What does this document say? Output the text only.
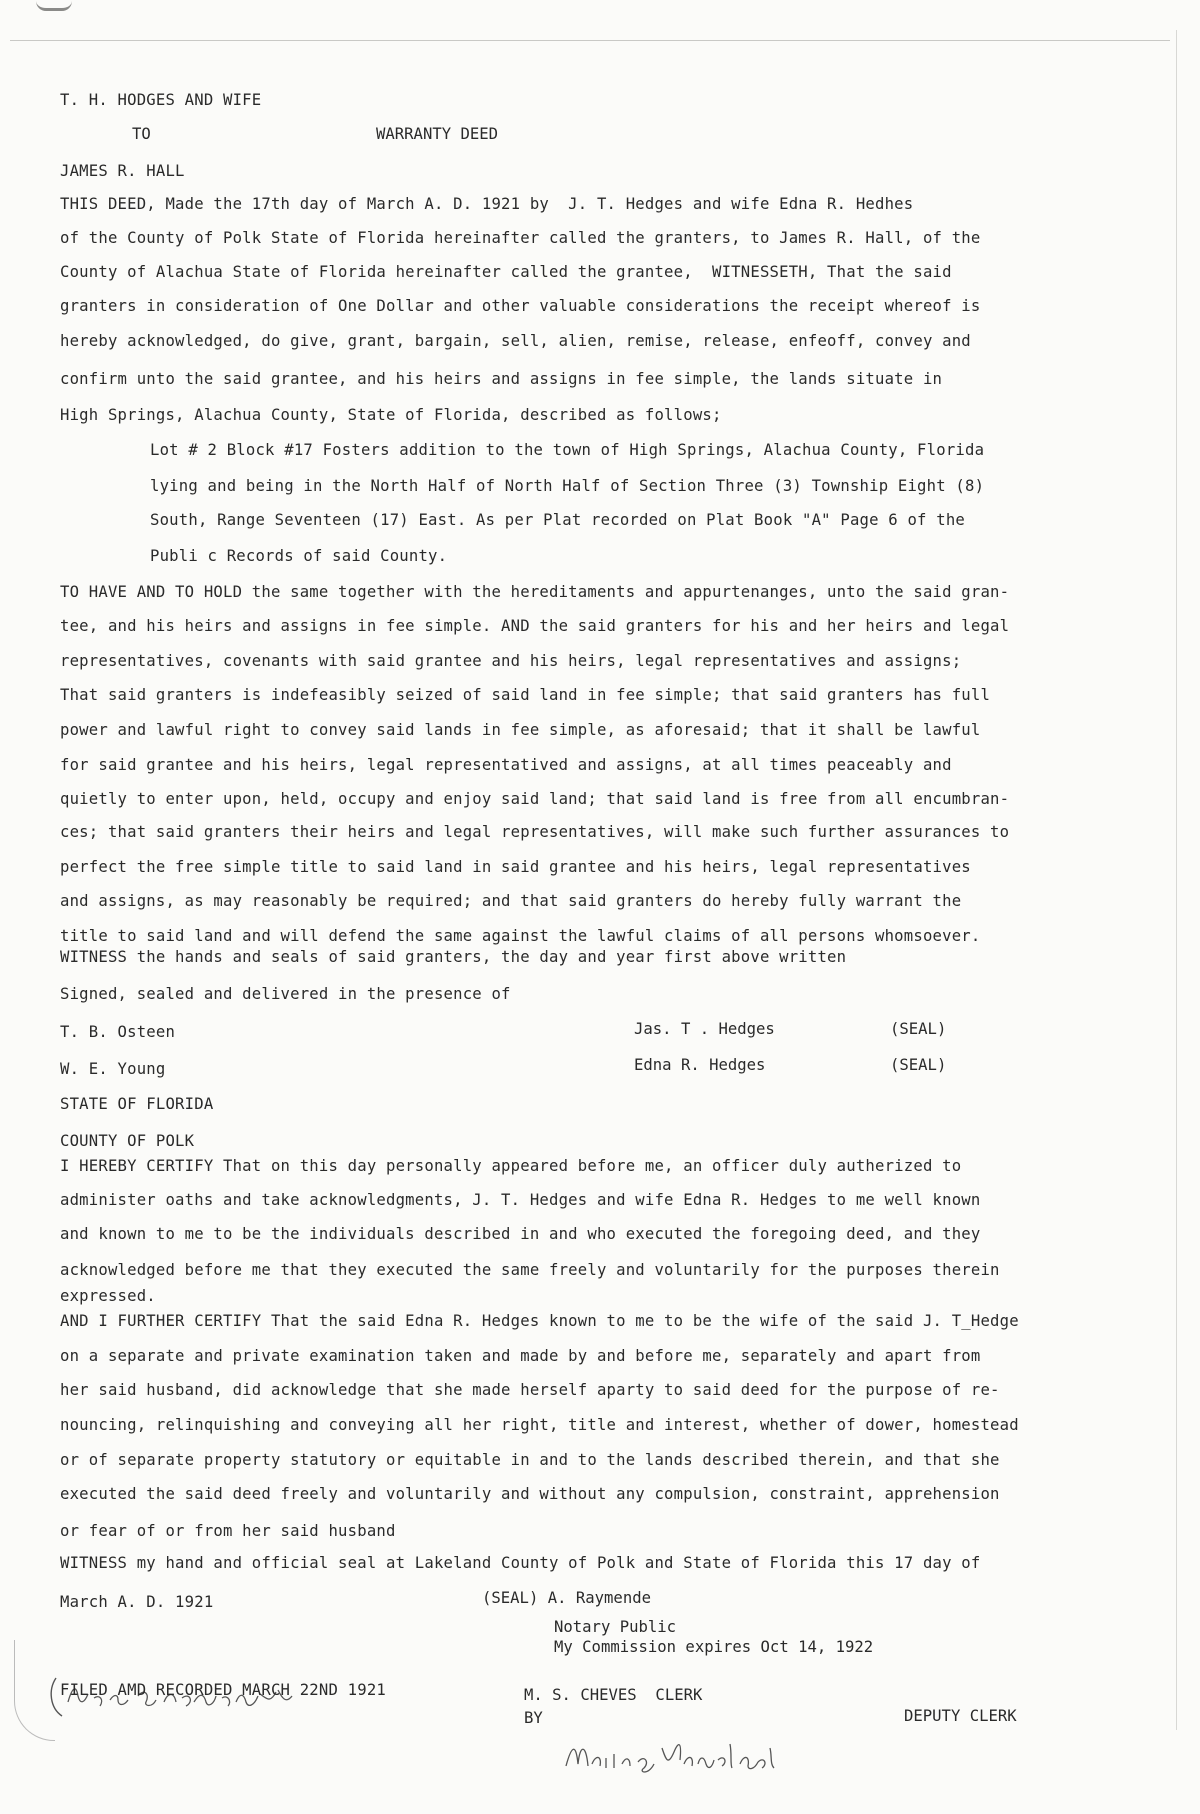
T. H. HODGES AND WIFE
TO	WARRANTY DEED
JAMES R. HALL
THIS DEED, Made the 17th day of March A. D. 1921 by  J. T. Hedges and wife Edna R. Hedhes
of the County of Polk State of Florida hereinafter called the granters, to James R. Hall, of the
County of Alachua State of Florida hereinafter called the grantee,  WITNESSETH, That the said
granters in consideration of One Dollar and other valuable considerations the receipt whereof is
hereby acknowledged, do give, grant, bargain, sell, alien, remise, release, enfeoff, convey and
confirm unto the said grantee, and his heirs and assigns in fee simple, the lands situate in
High Springs, Alachua County, State of Florida, described as follows;
Lot # 2 Block #17 Fosters addition to the town of High Springs, Alachua County, Florida
lying and being in the North Half of North Half of Section Three (3) Township Eight (8)
South, Range Seventeen (17) East. As per Plat recorded on Plat Book "A" Page 6 of the
Publi c Records of said County.
TO HAVE AND TO HOLD the same together with the hereditaments and appurtenanges, unto the said gran-
tee, and his heirs and assigns in fee simple. AND the said granters for his and her heirs and legal
representatives, covenants with said grantee and his heirs, legal representatives and assigns;
That said granters is indefeasibly seized of said land in fee simple; that said granters has full
power and lawful right to convey said lands in fee simple, as aforesaid; that it shall be lawful
for said grantee and his heirs, legal representatived and assigns, at all times peaceably and
quietly to enter upon, held, occupy and enjoy said land; that said land is free from all encumbran-
ces; that said granters their heirs and legal representatives, will make such further assurances to
perfect the free simple title to said land in said grantee and his heirs, legal representatives
and assigns, as may reasonably be required; and that said granters do hereby fully warrant the
title to said land and will defend the same against the lawful claims of all persons whomsoever.
WITNESS the hands and seals of said granters, the day and year first above written
Signed, sealed and delivered in the presence of
T. B. Osteen
W. E. Young
Jas. T . Hedges	(SEAL)
Edna R. Hedges	(SEAL)
STATE OF FLORIDA
COUNTY OF POLK
I HEREBY CERTIFY That on this day personally appeared before me, an officer duly autherized to
administer oaths and take acknowledgments, J. T. Hedges and wife Edna R. Hedges to me well known
and known to me to be the individuals described in and who executed the foregoing deed, and they
acknowledged before me that they executed the same freely and voluntarily for the purposes therein
expressed.
AND I FURTHER CERTIFY That the said Edna R. Hedges known to me to be the wife of the said J. T_Hedge
on a separate and private examination taken and made by and before me, separately and apart from
her said husband, did acknowledge that she made herself aparty to said deed for the purpose of re-
nouncing, relinquishing and conveying all her right, title and interest, whether of dower, homestead
or of separate property statutory or equitable in and to the lands described therein, and that she
executed the said deed freely and voluntarily and without any compulsion, constraint, apprehension
or fear of or from her said husband
WITNESS my hand and official seal at Lakeland County of Polk and State of Florida this 17 day of
March A. D. 1921	(SEAL) A. Raymende
Notary Public
My Commission expires Oct 14, 1922

FILED AMD RECORDED MARCH 22ND 1921	M. S. CHEVES  CLERK
BY

	DEPUTY CLERK
